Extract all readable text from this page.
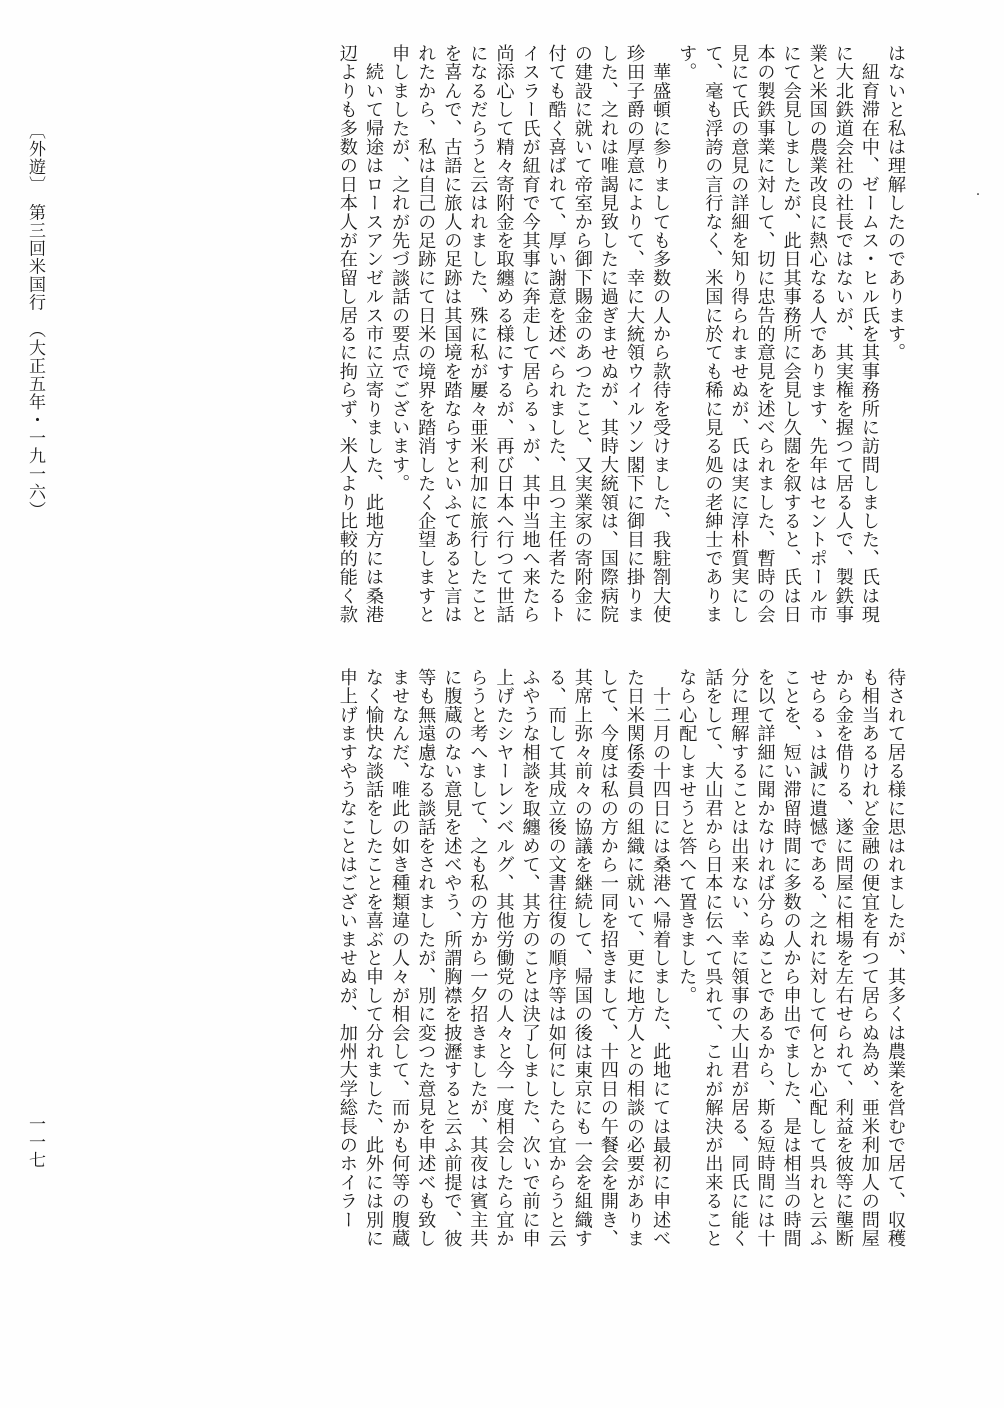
はないと私は理解したのであります。
　紐育滞在中、ゼームス・ヒル氏を其事務所に訪問しました、氏は現
に大北鉄道会社の社長ではないが、其実権を握つて居る人で、製鉄事
業と米国の農業改良に熱心なる人であります、先年はセントポール市
にて会見しましたが、此日其事務所に会見し久闊を叙すると、氏は日
本の製鉄事業に対して、切に忠告的意見を述べられました、暫時の会
見にて氏の意見の詳細を知り得られませぬが、氏は実に淳朴質実にし
て、毫も浮誇の言行なく、米国に於ても稀に見る処の老紳士でありま
す。
　華盛頓に参りましても多数の人から款待を受けました、我駐劄大使
珍田子爵の厚意によりて、幸に大統領ウイルソン閣下に御目に掛りま
した、之れは唯謁見致したに過ぎませぬが、其時大統領は、国際病院
の建設に就いて帝室から御下賜金のあつたこと、又実業家の寄附金に
付ても酷く喜ばれて、厚い謝意を述べられました、且つ主任者たるト
イスラー氏が紐育で今其事に奔走して居らるゝが、其中当地へ来たら
尚添心して精々寄附金を取纏める様にするが、再び日本へ行つて世話
になるだらうと云はれました、殊に私が屢々亜米利加に旅行したこと
を喜んで、古語に旅人の足跡は其国境を踏ならすといふてあると言は
れたから、私は自己の足跡にて日米の境界を踏消したく企望しますと
申しましたが、之れが先づ談話の要点でございます。
　続いて帰途はロースアンゼルス市に立寄りました、此地方には桑港
辺よりも多数の日本人が在留し居るに拘らず、米人より比較的能く款
待されて居る様に思はれましたが、其多くは農業を営むで居て、収穫
も相当あるけれど金融の便宜を有つて居らぬ為め、亜米利加人の問屋
から金を借りる、遂に問屋に相場を左右せられて、利益を彼等に壟断
せらるゝは誠に遺憾である、之れに対して何とか心配して呉れと云ふ
ことを、短い滞留時間に多数の人から申出でました、是は相当の時間
を以て詳細に聞かなければ分らぬことであるから、斯る短時間には十
分に理解することは出来ない、幸に領事の大山君が居る、同氏に能く
話をして、大山君から日本に伝へて呉れて、これが解決が出来ること
なら心配しませうと答へて置きました。
　十二月の十四日には桑港へ帰着しました、此地にては最初に申述べ
た日米関係委員の組織に就いて、更に地方人との相談の必要がありま
して、今度は私の方から一同を招きまして、十四日の午餐会を開き、
其席上弥々前々の協議を継続して、帰国の後は東京にも一会を組織す
る、而して其成立後の文書往復の順序等は如何にしたら宜からうと云
ふやうな相談を取纏めて、其方のことは決了しました、次いで前に申
上げたシヤーレンベルグ、其他労働党の人々と今一度相会したら宜か
らうと考へまして、之も私の方から一夕招きましたが、其夜は賓主共
に腹蔵のない意見を述べやう、所謂胸襟を披瀝すると云ふ前提で、彼
等も無遠慮なる談話をされましたが、別に変つた意見を申述べも致し
ませなんだ、唯此の如き種類違の人々が相会して、而かも何等の腹蔵
なく愉快な談話をしたことを喜ぶと申して分れました、此外には別に
申上げますやうなことはございませぬが、加州大学総長のホイラー
〔外遊〕　第三回米国行　（大正五年・一九一六）
一一七
・
